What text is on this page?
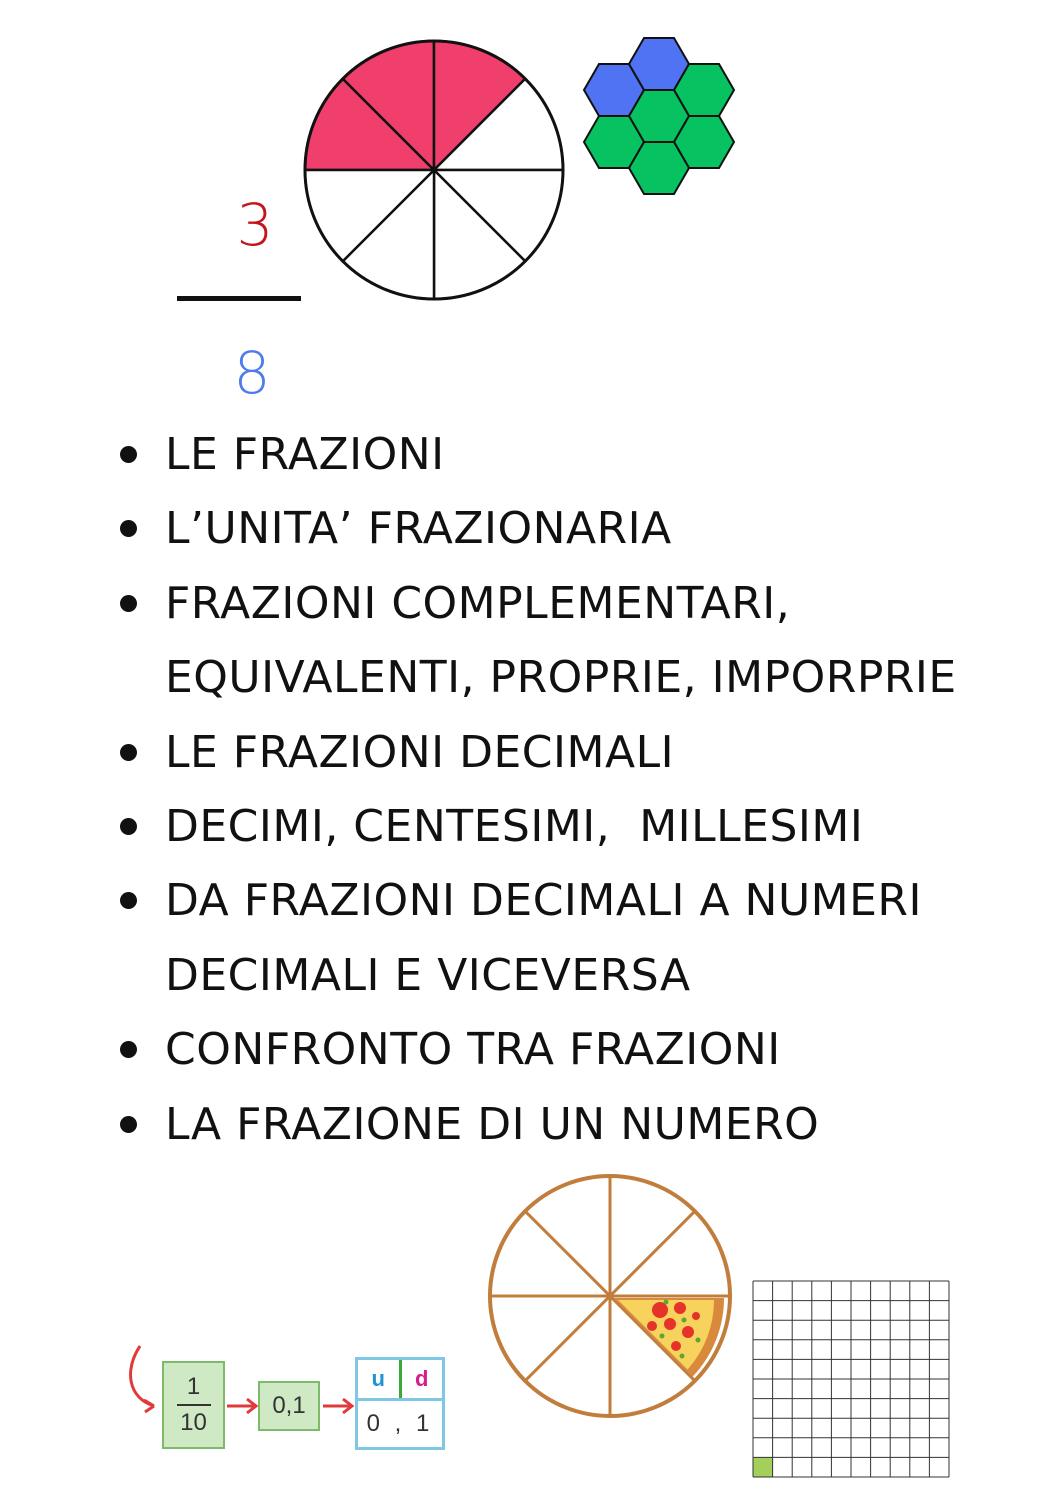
3
8
LE FRAZIONI
L’UNITA’ FRAZIONARIA
FRAZIONI COMPLEMENTARI,
EQUIVALENTI, PROPRIE, IMPORPRIE
LE FRAZIONI DECIMALI
DECIMI, CENTESIMI,  MILLESIMI
DA FRAZIONI DECIMALI A NUMERI
DECIMALI E VICEVERSA
CONFRONTO TRA FRAZIONI
LA FRAZIONE DI UN NUMERO
1
10
0,1
u	d
0 , 1
